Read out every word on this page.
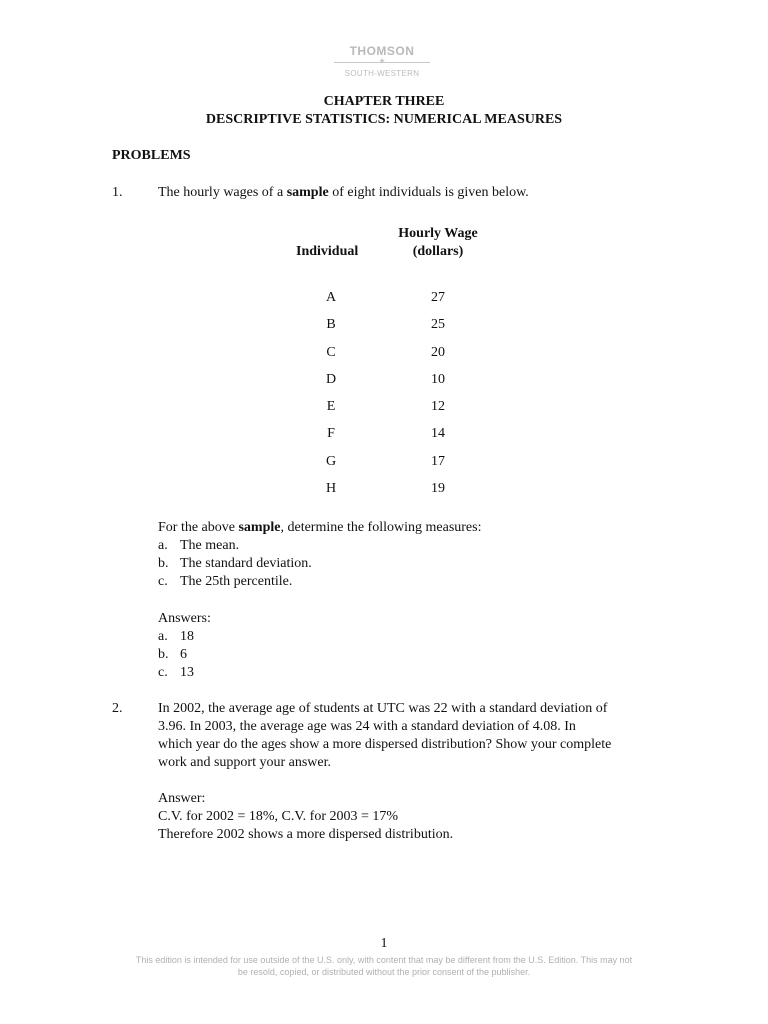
THOMSON
✦
SOUTH-WESTERN
CHAPTER THREE
DESCRIPTIVE STATISTICS: NUMERICAL MEASURES
PROBLEMS
1.	The hourly wages of a sample of eight individuals is given below.
Hourly Wage
Individual	(dollars)
A	27
B	25
C	20
D	10
E	12
F	14
G	17
H	19
For the above sample, determine the following measures:
a. The mean.
b. The standard deviation.
c. The 25th percentile.
Answers:
a. 18
b. 6
c. 13
2.	In 2002, the average age of students at UTC was 22 with a standard deviation of
3.96. In 2003, the average age was 24 with a standard deviation of 4.08. In
which year do the ages show a more dispersed distribution? Show your complete
work and support your answer.
Answer:
C.V. for 2002 = 18%, C.V. for 2003 = 17%
Therefore 2002 shows a more dispersed distribution.
1
This edition is intended for use outside of the U.S. only, with content that may be different from the U.S. Edition. This may not
be resold, copied, or distributed without the prior consent of the publisher.
